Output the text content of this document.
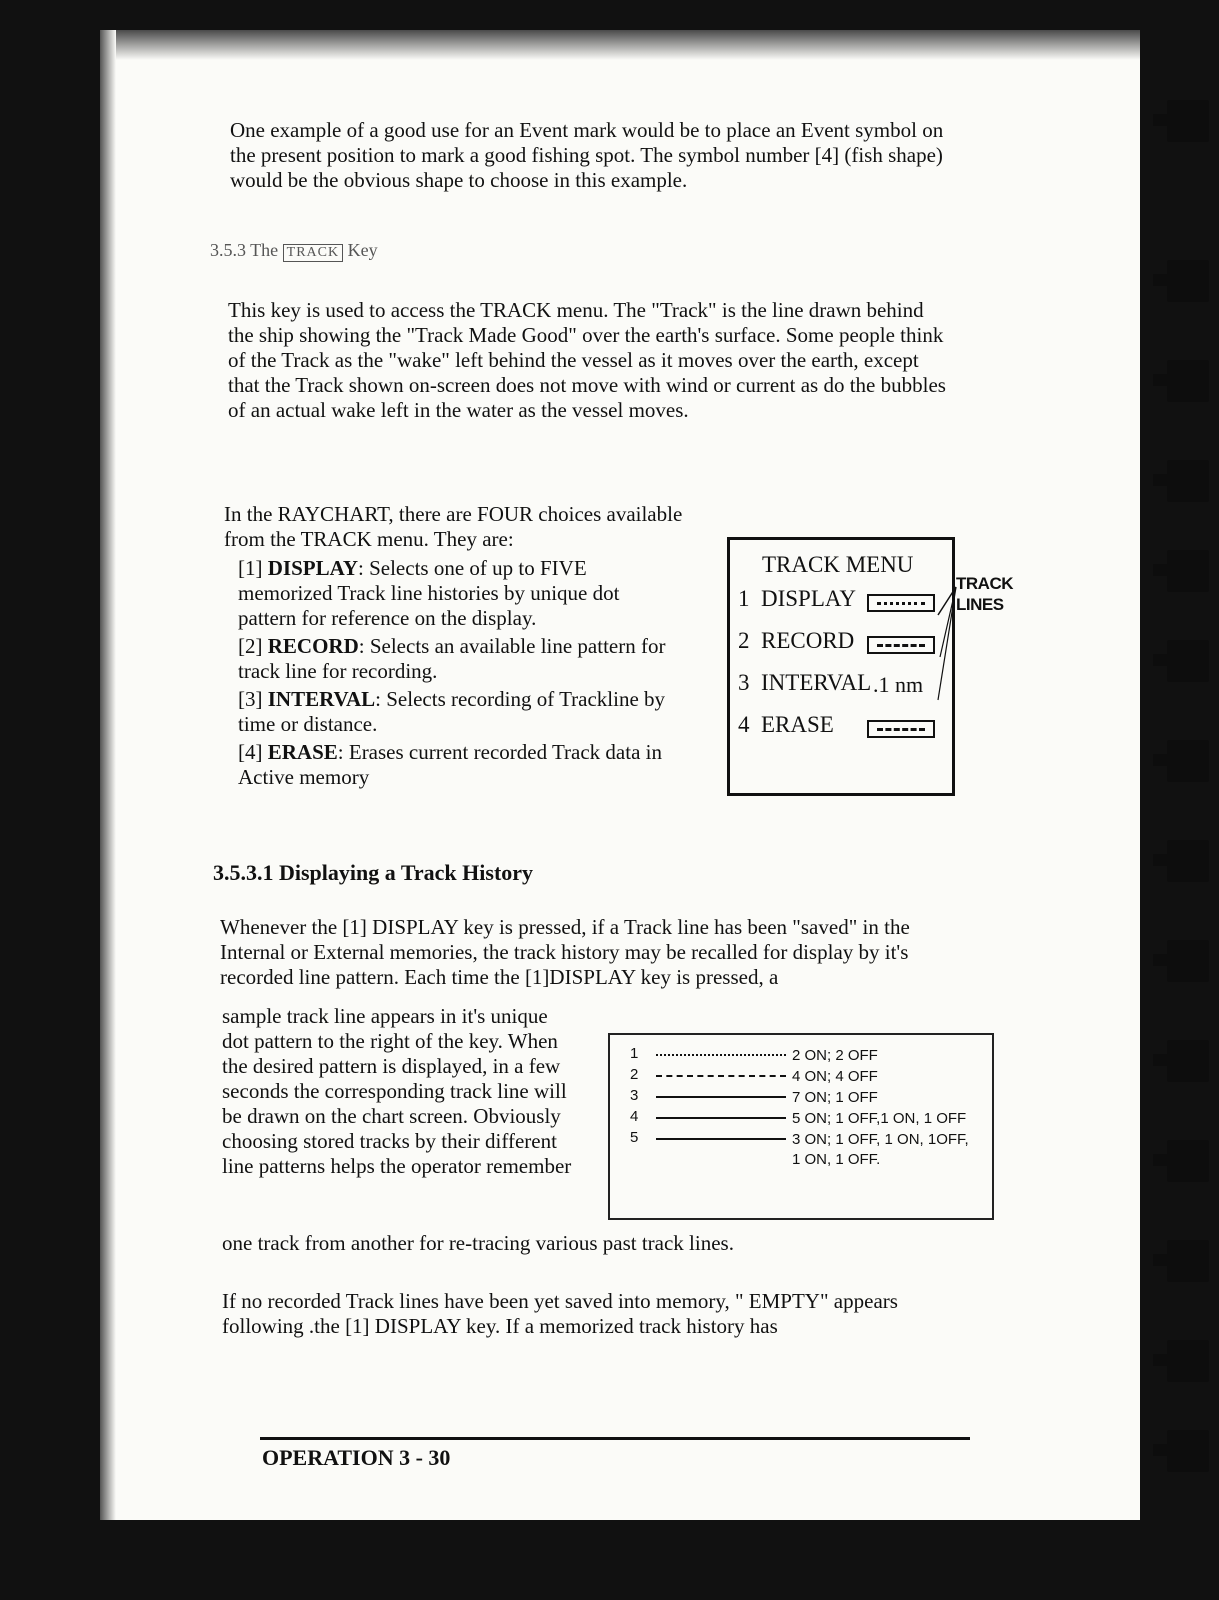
One example of a good use for an Event mark would be to place an Event symbol on the present position to mark a good fishing spot. The symbol number [4] (fish shape) would be the obvious shape to choose in this example.

3.5.3 The TRACK Key

This key is used to access the TRACK menu. The "Track" is the line drawn behind the ship showing the "Track Made Good" over the earth's surface. Some people think of the Track as the "wake" left behind the vessel as it moves over the earth, except that the Track shown on-screen does not move with wind or current as do the bubbles of an actual wake left in the water as the vessel moves.

In the RAYCHART, there are FOUR choices available from the TRACK menu. They are:
[1] DISPLAY: Selects one of up to FIVE memorized Track line histories by unique dot pattern for reference on the display.
[2] RECORD: Selects an available line pattern for track line for recording.
[3] INTERVAL: Selects recording of Trackline by time or distance.
[4] ERASE: Erases current recorded Track data in Active memory
TRACK MENU
1 DISPLAY
2 RECORD
3 INTERVAL .1 nm
4 ERASE
TRACK
LINES
3.5.3.1 Displaying a Track History
Whenever the [1] DISPLAY key is pressed, if a Track line has been "saved" in the Internal or External memories, the track history may be recalled for display by it's recorded line pattern. Each time the [1]DISPLAY key is pressed, a
sample track line appears in it's unique dot pattern to the right of the key. When the desired pattern is displayed, in a few seconds the corresponding track line will be drawn on the chart screen. Obviously choosing stored tracks by their different line patterns helps the operator remember
one track from another for re-tracing various past track lines.
1	2 ON; 2 OFF
2	4 ON; 4 OFF
3	7 ON; 1 OFF
4	5 ON; 1 OFF,1 ON, 1 OFF
5	3 ON; 1 OFF, 1 ON, 1OFF,
1 ON, 1 OFF.
If no recorded Track lines have been yet saved into memory, " EMPTY" appears following .the [1] DISPLAY key. If a memorized track history has
OPERATION 3 - 30
